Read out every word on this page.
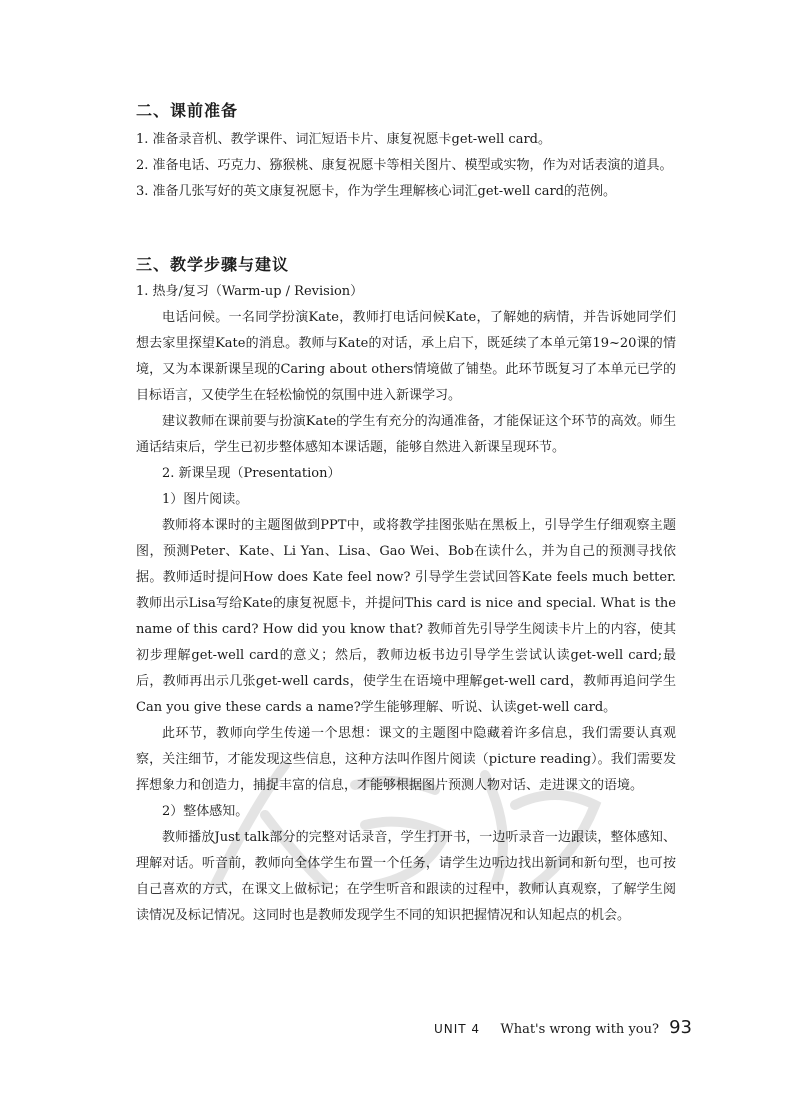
二、课前准备

1. 准备录音机、教学课件、词汇短语卡片、康复祝愿卡get-well card。

2. 准备电话、巧克力、猕猴桃、康复祝愿卡等相关图片、模型或实物，作为对话表演的道具。

3. 准备几张写好的英文康复祝愿卡，作为学生理解核心词汇get-well card的范例。

三、教学步骤与建议

1. 热身/复习（Warm-up / Revision）

电话问候。一名同学扮演Kate，教师打电话问候Kate，了解她的病情，并告诉她同学们想去家里探望Kate的消息。教师与Kate的对话，承上启下，既延续了本单元第19~20课的情境，又为本课新课呈现的Caring about others情境做了铺垫。此环节既复习了本单元已学的目标语言，又使学生在轻松愉悦的氛围中进入新课学习。

建议教师在课前要与扮演Kate的学生有充分的沟通准备，才能保证这个环节的高效。师生通话结束后，学生已初步整体感知本课话题，能够自然进入新课呈现环节。

2. 新课呈现（Presentation）

1）图片阅读。

教师将本课时的主题图做到PPT中，或将教学挂图张贴在黑板上，引导学生仔细观察主题图，预测Peter、Kate、Li Yan、Lisa、Gao Wei、Bob在读什么，并为自己的预测寻找依据。教师适时提问How does Kate feel now? 引导学生尝试回答Kate feels much better. 教师出示Lisa写给Kate的康复祝愿卡，并提问This card is nice and special. What is the name of this card? How did you know that? 教师首先引导学生阅读卡片上的内容，使其初步理解get-well card的意义；然后，教师边板书边引导学生尝试认读get-well card;最后，教师再出示几张get-well cards，使学生在语境中理解get-well card，教师再追问学生Can you give these cards a name?学生能够理解、听说、认读get-well card。

此环节，教师向学生传递一个思想：课文的主题图中隐藏着许多信息，我们需要认真观察，关注细节，才能发现这些信息，这种方法叫作图片阅读（picture reading）。我们需要发挥想象力和创造力，捕捉丰富的信息，才能够根据图片预测人物对话、走进课文的语境。

2）整体感知。

教师播放Just talk部分的完整对话录音，学生打开书，一边听录音一边跟读，整体感知、理解对话。听音前，教师向全体学生布置一个任务，请学生边听边找出新词和新句型，也可按自己喜欢的方式，在课文上做标记；在学生听音和跟读的过程中，教师认真观察，了解学生阅读情况及标记情况。这同时也是教师发现学生不同的知识把握情况和认知起点的机会。

UNIT 4 What's wrong with you? 93
